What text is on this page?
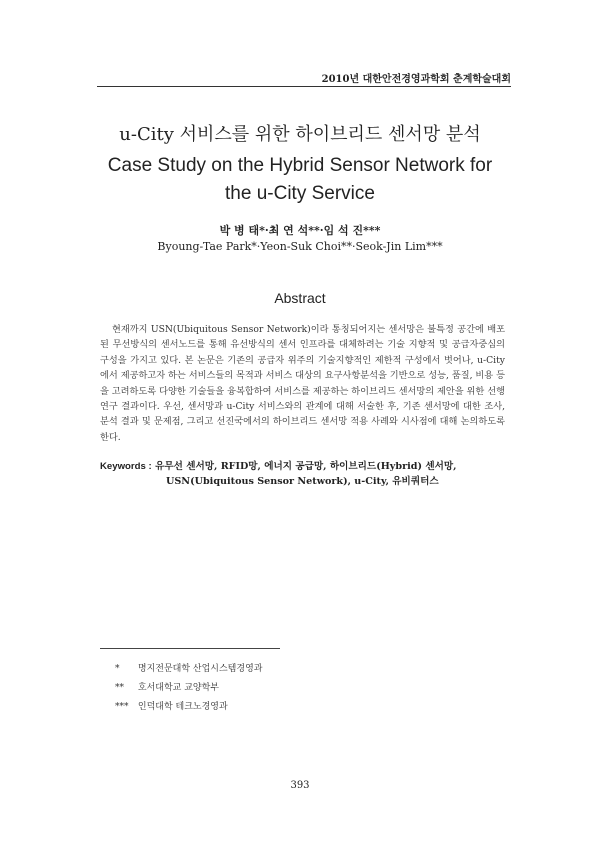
2010년 대한안전경영과학회 춘계학술대회
u-City 서비스를 위한 하이브리드 센서망 분석
Case Study on the Hybrid Sensor Network for
the u-City Service
박 병 태*·최 연 석**·임 석 진***
Byoung-Tae Park*·Yeon-Suk Choi**·Seok-Jin Lim***
Abstract
현재까지 USN(Ubiquitous Sensor Network)이라 통칭되어지는 센서망은 불특정 공간에 배포된 무선방식의 센서노드를 통해 유선방식의 센서 인프라를 대체하려는 기술 지향적 및 공급자중심의 구성을 가지고 있다. 본 논문은 기존의 공급자 위주의 기술지향적인 제한적 구성에서 벗어나, u-City에서 제공하고자 하는 서비스들의 목적과 서비스 대상의 요구사항분석을 기반으로 성능, 품질, 비용 등을 고려하도록 다양한 기술들을 융복합하여 서비스를 제공하는 하이브리드 센서망의 제안을 위한 선행 연구 결과이다. 우선, 센서망과 u-City 서비스와의 관계에 대해 서술한 후, 기존 센서망에 대한 조사, 분석 결과 및 문제점, 그리고 선진국에서의 하이브리드 센서망 적용 사례와 시사점에 대해 논의하도록 한다.
Keywords : 유무선 센서망, RFID망, 에너지 공급망, 하이브리드(Hybrid) 센서망,
USN(Ubiquitous Sensor Network), u-City, 유비쿼터스
* 명지전문대학 산업시스템경영과
** 호서대학교 교양학부
*** 인덕대학 테크노경영과
393
